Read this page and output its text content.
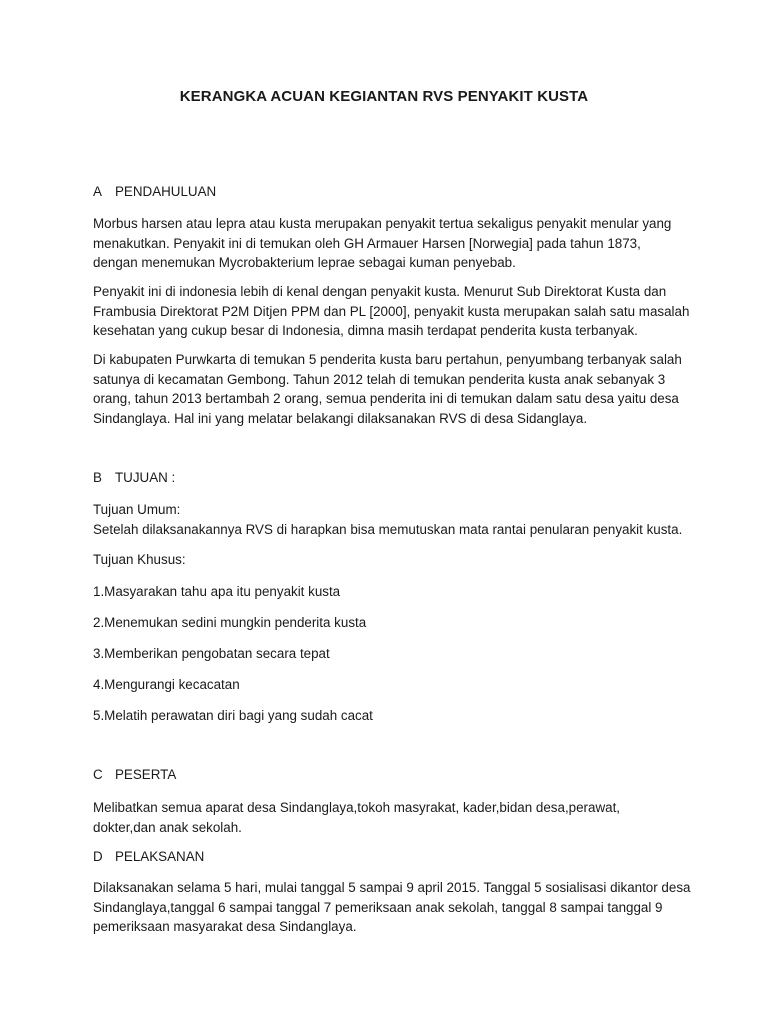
KERANGKA ACUAN KEGIANTAN RVS PENYAKIT KUSTA
A PENDAHULUAN

Morbus harsen atau lepra atau kusta merupakan penyakit tertua sekaligus penyakit menular yang
menakutkan. Penyakit ini di temukan oleh GH Armauer Harsen [Norwegia] pada tahun 1873,
dengan menemukan Mycrobakterium leprae sebagai kuman penyebab.

Penyakit ini di indonesia lebih di kenal dengan penyakit kusta. Menurut Sub Direktorat Kusta dan
Frambusia Direktorat P2M Ditjen PPM dan PL [2000], penyakit kusta merupakan salah satu masalah
kesehatan yang cukup besar di Indonesia, dimna masih terdapat penderita kusta terbanyak.

Di kabupaten Purwkarta di temukan 5 penderita kusta baru pertahun, penyumbang terbanyak salah
satunya di kecamatan Gembong. Tahun 2012 telah di temukan penderita kusta anak sebanyak 3
orang, tahun 2013 bertambah 2 orang, semua penderita ini di temukan dalam satu desa yaitu desa
Sindanglaya. Hal ini yang melatar belakangi dilaksanakan RVS di desa Sidanglaya.

B TUJUAN :

Tujuan Umum:
Setelah dilaksanakannya RVS di harapkan bisa memutuskan mata rantai penularan penyakit kusta.

Tujuan Khusus:

1.Masyarakan tahu apa itu penyakit kusta

2.Menemukan sedini mungkin penderita kusta

3.Memberikan pengobatan secara tepat

4.Mengurangi kecacatan

5.Melatih perawatan diri bagi yang sudah cacat

C PESERTA

Melibatkan semua aparat desa Sindanglaya,tokoh masyrakat, kader,bidan desa,perawat,
dokter,dan anak sekolah.

D PELAKSANAN

Dilaksanakan selama 5 hari, mulai tanggal 5 sampai 9 april 2015. Tanggal 5 sosialisasi dikantor desa
Sindanglaya,tanggal 6 sampai tanggal 7 pemeriksaan anak sekolah, tanggal 8 sampai tanggal 9
pemeriksaan masyarakat desa Sindanglaya.
